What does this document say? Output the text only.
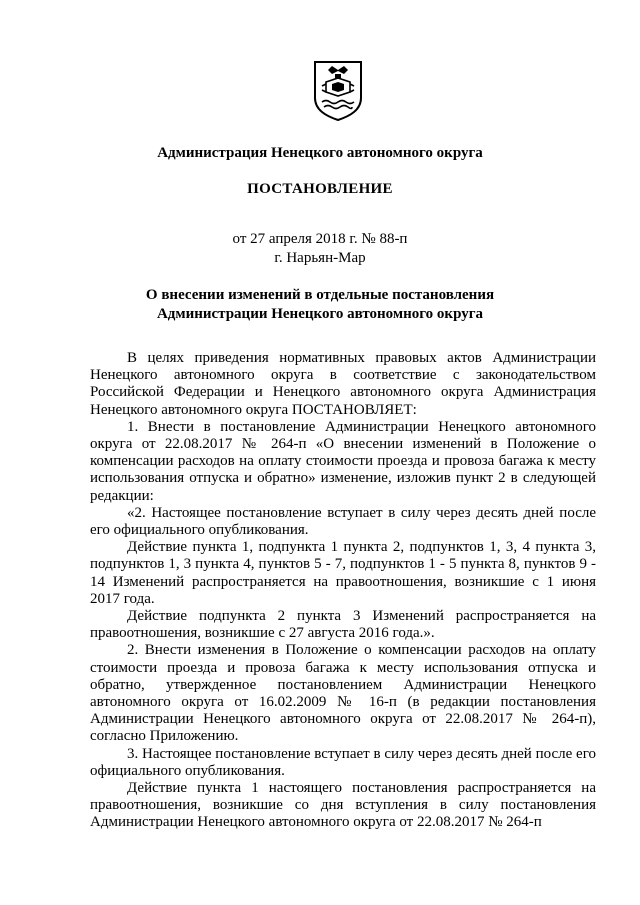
Администрация Ненецкого автономного округа
ПОСТАНОВЛЕНИЕ
от 27 апреля 2018 г. № 88-п
г. Нарьян-Мар
О внесении изменений в отдельные постановления
Администрации Ненецкого автономного округа

В целях приведения нормативных правовых актов Администрации Ненецкого автономного округа в соответствие с законодательством Российской Федерации и Ненецкого автономного округа Администрация Ненецкого автономного округа ПОСТАНОВЛЯЕТ:

1. Внести в постановление Администрации Ненецкого автономного округа от 22.08.2017 № 264-п «О внесении изменений в Положение о компенсации расходов на оплату стоимости проезда и провоза багажа к месту использования отпуска и обратно» изменение, изложив пункт 2 в следующей редакции:

«2. Настоящее постановление вступает в силу через десять дней после его официального опубликования.

Действие пункта 1, подпункта 1 пункта 2, подпунктов 1, 3, 4 пункта 3, подпунктов 1, 3 пункта 4, пунктов 5 - 7, подпунктов 1 - 5 пункта 8, пунктов 9 - 14 Изменений распространяется на правоотношения, возникшие с 1 июня 2017 года.

Действие подпункта 2 пункта 3 Изменений распространяется на правоотношения, возникшие с 27 августа 2016 года.».

2. Внести изменения в Положение о компенсации расходов на оплату стоимости проезда и провоза багажа к месту использования отпуска и обратно, утвержденное постановлением Администрации Ненецкого автономного округа от 16.02.2009 № 16-п (в редакции постановления Администрации Ненецкого автономного округа от 22.08.2017 № 264-п), согласно Приложению.

3. Настоящее постановление вступает в силу через десять дней после его официального опубликования.

Действие пункта 1 настоящего постановления распространяется на правоотношения, возникшие со дня вступления в силу постановления Администрации Ненецкого автономного округа от 22.08.2017 № 264-п
